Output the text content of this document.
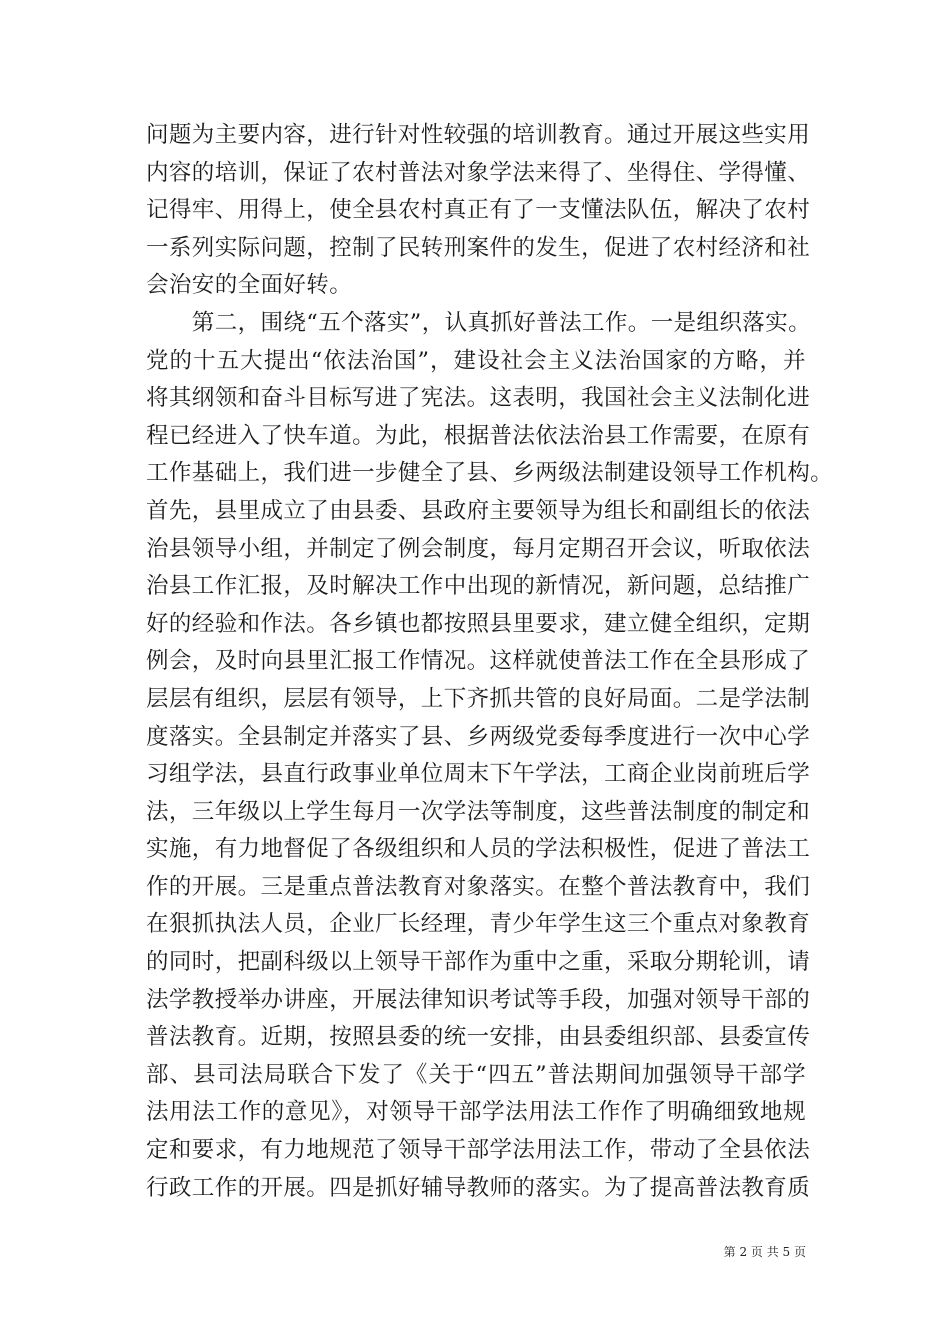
问题为主要内容，进行针对性较强的培训教育。通过开展这些实用
内容的培训，保证了农村普法对象学法来得了、坐得住、学得懂、
记得牢、用得上，使全县农村真正有了一支懂法队伍，解决了农村
一系列实际问题，控制了民转刑案件的发生，促进了农村经济和社
会治安的全面好转。
　　第二，围绕“五个落实”，认真抓好普法工作。一是组织落实。
党的十五大提出“依法治国”，建设社会主义法治国家的方略，并
将其纲领和奋斗目标写进了宪法。这表明，我国社会主义法制化进
程已经进入了快车道。为此，根据普法依法治县工作需要，在原有
工作基础上，我们进一步健全了县、乡两级法制建设领导工作机构。
首先，县里成立了由县委、县政府主要领导为组长和副组长的依法
治县领导小组，并制定了例会制度，每月定期召开会议，听取依法
治县工作汇报，及时解决工作中出现的新情况，新问题，总结推广
好的经验和作法。各乡镇也都按照县里要求，建立健全组织，定期
例会，及时向县里汇报工作情况。这样就使普法工作在全县形成了
层层有组织，层层有领导，上下齐抓共管的良好局面。二是学法制
度落实。全县制定并落实了县、乡两级党委每季度进行一次中心学
习组学法，县直行政事业单位周末下午学法，工商企业岗前班后学
法，三年级以上学生每月一次学法等制度，这些普法制度的制定和
实施，有力地督促了各级组织和人员的学法积极性，促进了普法工
作的开展。三是重点普法教育对象落实。在整个普法教育中，我们
在狠抓执法人员，企业厂长经理，青少年学生这三个重点对象教育
的同时，把副科级以上领导干部作为重中之重，采取分期轮训，请
法学教授举办讲座，开展法律知识考试等手段，加强对领导干部的
普法教育。近期，按照县委的统一安排，由县委组织部、县委宣传
部、县司法局联合下发了《关于“四五”普法期间加强领导干部学
法用法工作的意见》，对领导干部学法用法工作作了明确细致地规
定和要求，有力地规范了领导干部学法用法工作，带动了全县依法
行政工作的开展。四是抓好辅导教师的落实。为了提高普法教育质
第 2 页 共 5 页
